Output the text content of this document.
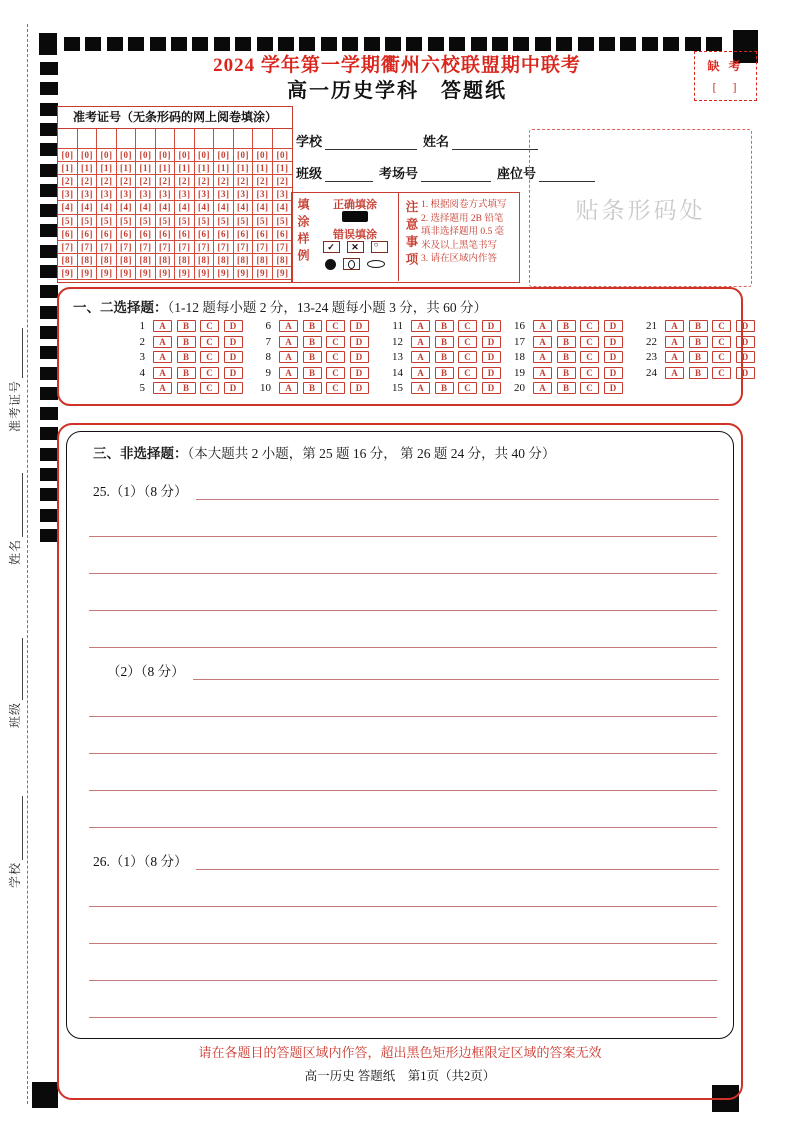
准考证号
姓名
班级
学校
2024 学年第一学期衢州六校联盟期中联考
高一历史学科　答题纸
缺 考
[　]
准考证号（无条形码的网上阅卷填涂）
[ 0 ]	[ 0 ]	[ 0 ]	[ 0 ]	[ 0 ]	[ 0 ]	[ 0 ]	[ 0 ]	[ 0 ]	[ 0 ]	[ 0 ]	[ 0 ]
[ 1 ]	[ 1 ]	[ 1 ]	[ 1 ]	[ 1 ]	[ 1 ]	[ 1 ]	[ 1 ]	[ 1 ]	[ 1 ]	[ 1 ]	[ 1 ]
[ 2 ]	[ 2 ]	[ 2 ]	[ 2 ]	[ 2 ]	[ 2 ]	[ 2 ]	[ 2 ]	[ 2 ]	[ 2 ]	[ 2 ]	[ 2 ]
[ 3 ]	[ 3 ]	[ 3 ]	[ 3 ]	[ 3 ]	[ 3 ]	[ 3 ]	[ 3 ]	[ 3 ]	[ 3 ]	[ 3 ]	[ 3 ]
[ 4 ]	[ 4 ]	[ 4 ]	[ 4 ]	[ 4 ]	[ 4 ]	[ 4 ]	[ 4 ]	[ 4 ]	[ 4 ]	[ 4 ]	[ 4 ]
[ 5 ]	[ 5 ]	[ 5 ]	[ 5 ]	[ 5 ]	[ 5 ]	[ 5 ]	[ 5 ]	[ 5 ]	[ 5 ]	[ 5 ]	[ 5 ]
[ 6 ]	[ 6 ]	[ 6 ]	[ 6 ]	[ 6 ]	[ 6 ]	[ 6 ]	[ 6 ]	[ 6 ]	[ 6 ]	[ 6 ]	[ 6 ]
[ 7 ]	[ 7 ]	[ 7 ]	[ 7 ]	[ 7 ]	[ 7 ]	[ 7 ]	[ 7 ]	[ 7 ]	[ 7 ]	[ 7 ]	[ 7 ]
[ 8 ]	[ 8 ]	[ 8 ]	[ 8 ]	[ 8 ]	[ 8 ]	[ 8 ]	[ 8 ]	[ 8 ]	[ 8 ]	[ 8 ]	[ 8 ]
[ 9 ]	[ 9 ]	[ 9 ]	[ 9 ]	[ 9 ]	[ 9 ]	[ 9 ]	[ 9 ]	[ 9 ]	[ 9 ]	[ 9 ]	[ 9 ]
学校	姓名
班级	考场号	座位号
填涂样例	正确填涂
错误填涂
✓ ✕ ○ 注意事项 1. 根据阅卷方式填写
2. 选择题用 2B 铅笔
填非选择题用 0.5 毫
米及以上黑笔书写
3. 请在区域内作答
贴条形码处
一、二选择题：（1-12 题每小题 2 分，13-24 题每小题 3 分，共 60 分）
1	A	B	C	D
2	A	B	C	D
3	A	B	C	D
4	A	B	C	D
5	A	B	C	D
6	A	B	C	D
7	A	B	C	D
8	A	B	C	D
9	A	B	C	D
10	A	B	C	D
11	A	B	C	D
12	A	B	C	D
13	A	B	C	D
14	A	B	C	D
15	A	B	C	D
16	A	B	C	D
17	A	B	C	D
18	A	B	C	D
19	A	B	C	D
20	A	B	C	D
21	A	B	C	D
22	A	B	C	D
23	A	B	C	D
24	A	B	C	D
三、非选择题：（本大题共 2 小题，第 25 题 16 分， 第 26 题 24 分，共 40 分）
25.（1）（8 分）
（2）（8 分）
26.（1）（8 分）
请在各题目的答题区域内作答，超出黑色矩形边框限定区域的答案无效
高一历史 答题纸　第1页（共2页）
